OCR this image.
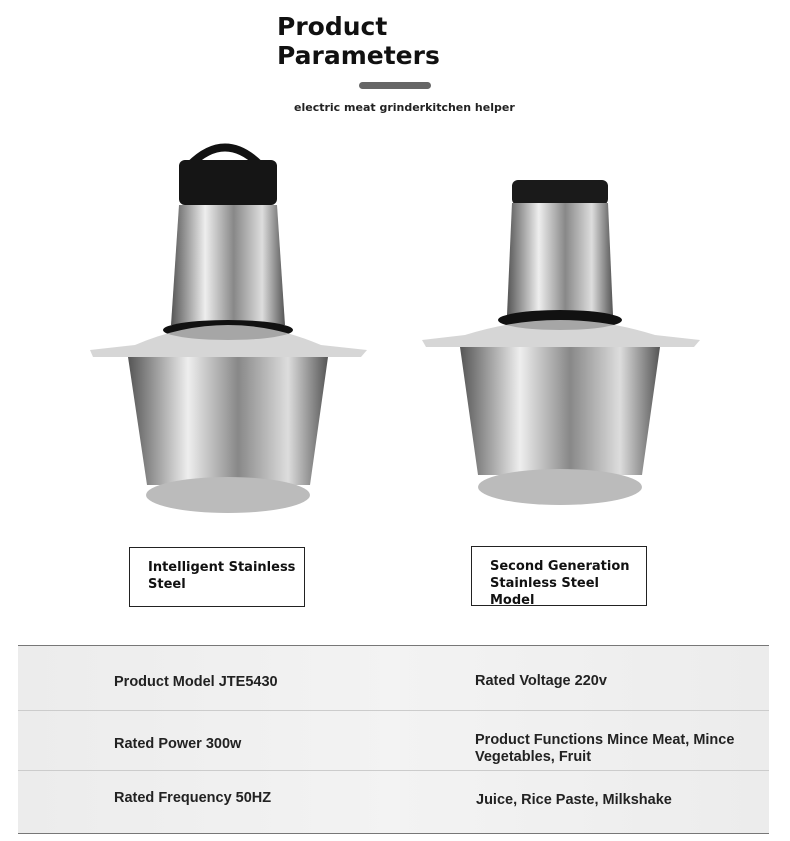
Product
Parameters
electric meat grinderkitchen helper
Intelligent Stainless
Steel
Second Generation
Stainless Steel Model
Product Model JTE5430	Rated Voltage 220v
Rated Power 300w	Product Functions Mince Meat, Mince
Vegetables, Fruit
Rated Frequency 50HZ	Juice, Rice Paste, Milkshake
